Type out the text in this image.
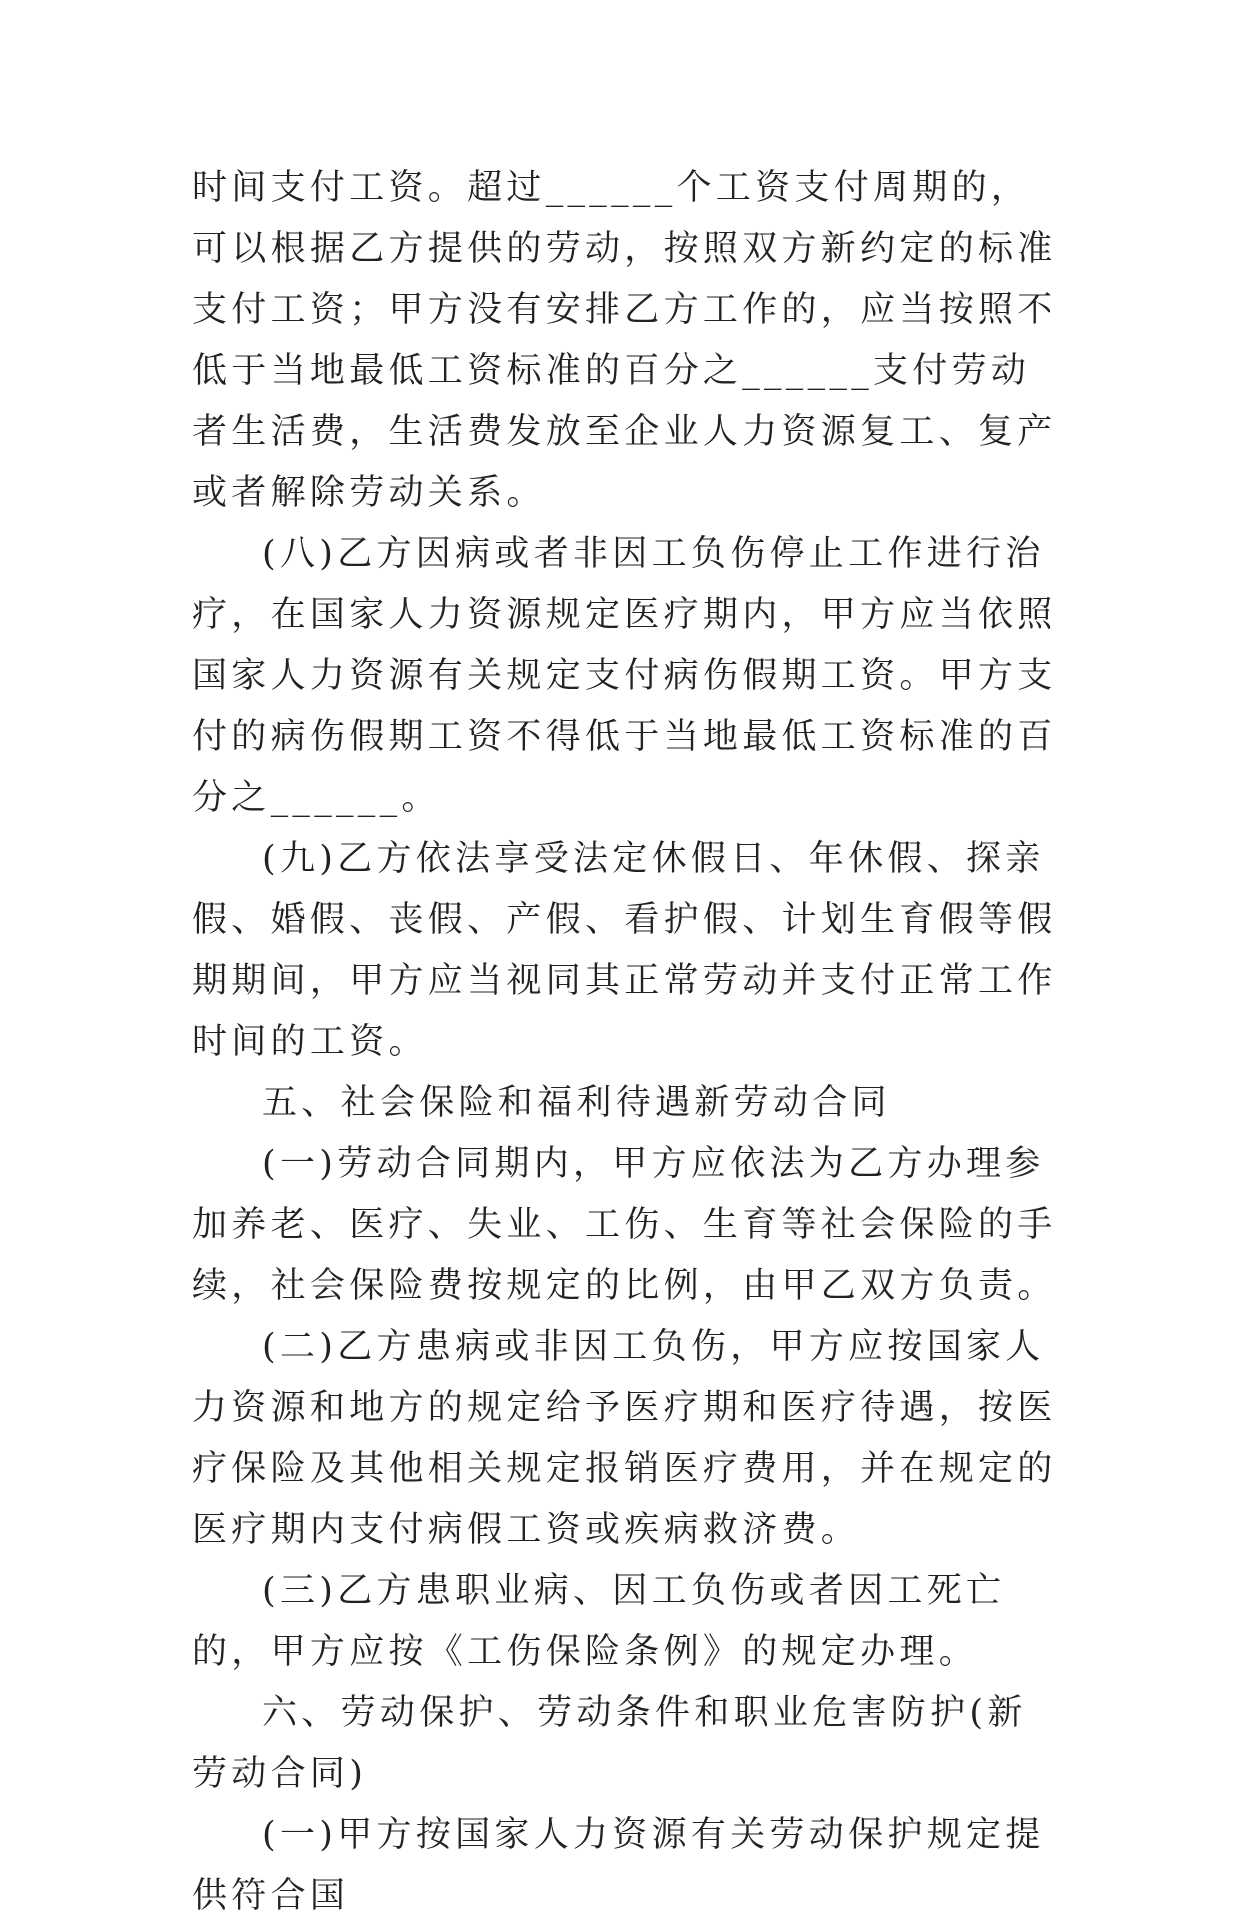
时间支付工资。超过______个工资支付周期的，可以根据乙方提供的劳动，按照双方新约定的标准支付工资；甲方没有安排乙方工作的，应当按照不低于当地最低工资标准的百分之______支付劳动者生活费，生活费发放至企业人力资源复工、复产或者解除劳动关系。

(八)乙方因病或者非因工负伤停止工作进行治疗，在国家人力资源规定医疗期内，甲方应当依照国家人力资源有关规定支付病伤假期工资。甲方支付的病伤假期工资不得低于当地最低工资标准的百分之______。

(九)乙方依法享受法定休假日、年休假、探亲假、婚假、丧假、产假、看护假、计划生育假等假期期间，甲方应当视同其正常劳动并支付正常工作时间的工资。

五、社会保险和福利待遇新劳动合同

(一)劳动合同期内，甲方应依法为乙方办理参加养老、医疗、失业、工伤、生育等社会保险的手续，社会保险费按规定的比例，由甲乙双方负责。

(二)乙方患病或非因工负伤，甲方应按国家人力资源和地方的规定给予医疗期和医疗待遇，按医疗保险及其他相关规定报销医疗费用，并在规定的医疗期内支付病假工资或疾病救济费。

(三)乙方患职业病、因工负伤或者因工死亡的，甲方应按《工伤保险条例》的规定办理。

六、劳动保护、劳动条件和职业危害防护(新劳动合同)

(一)甲方按国家人力资源有关劳动保护规定提供符合国
